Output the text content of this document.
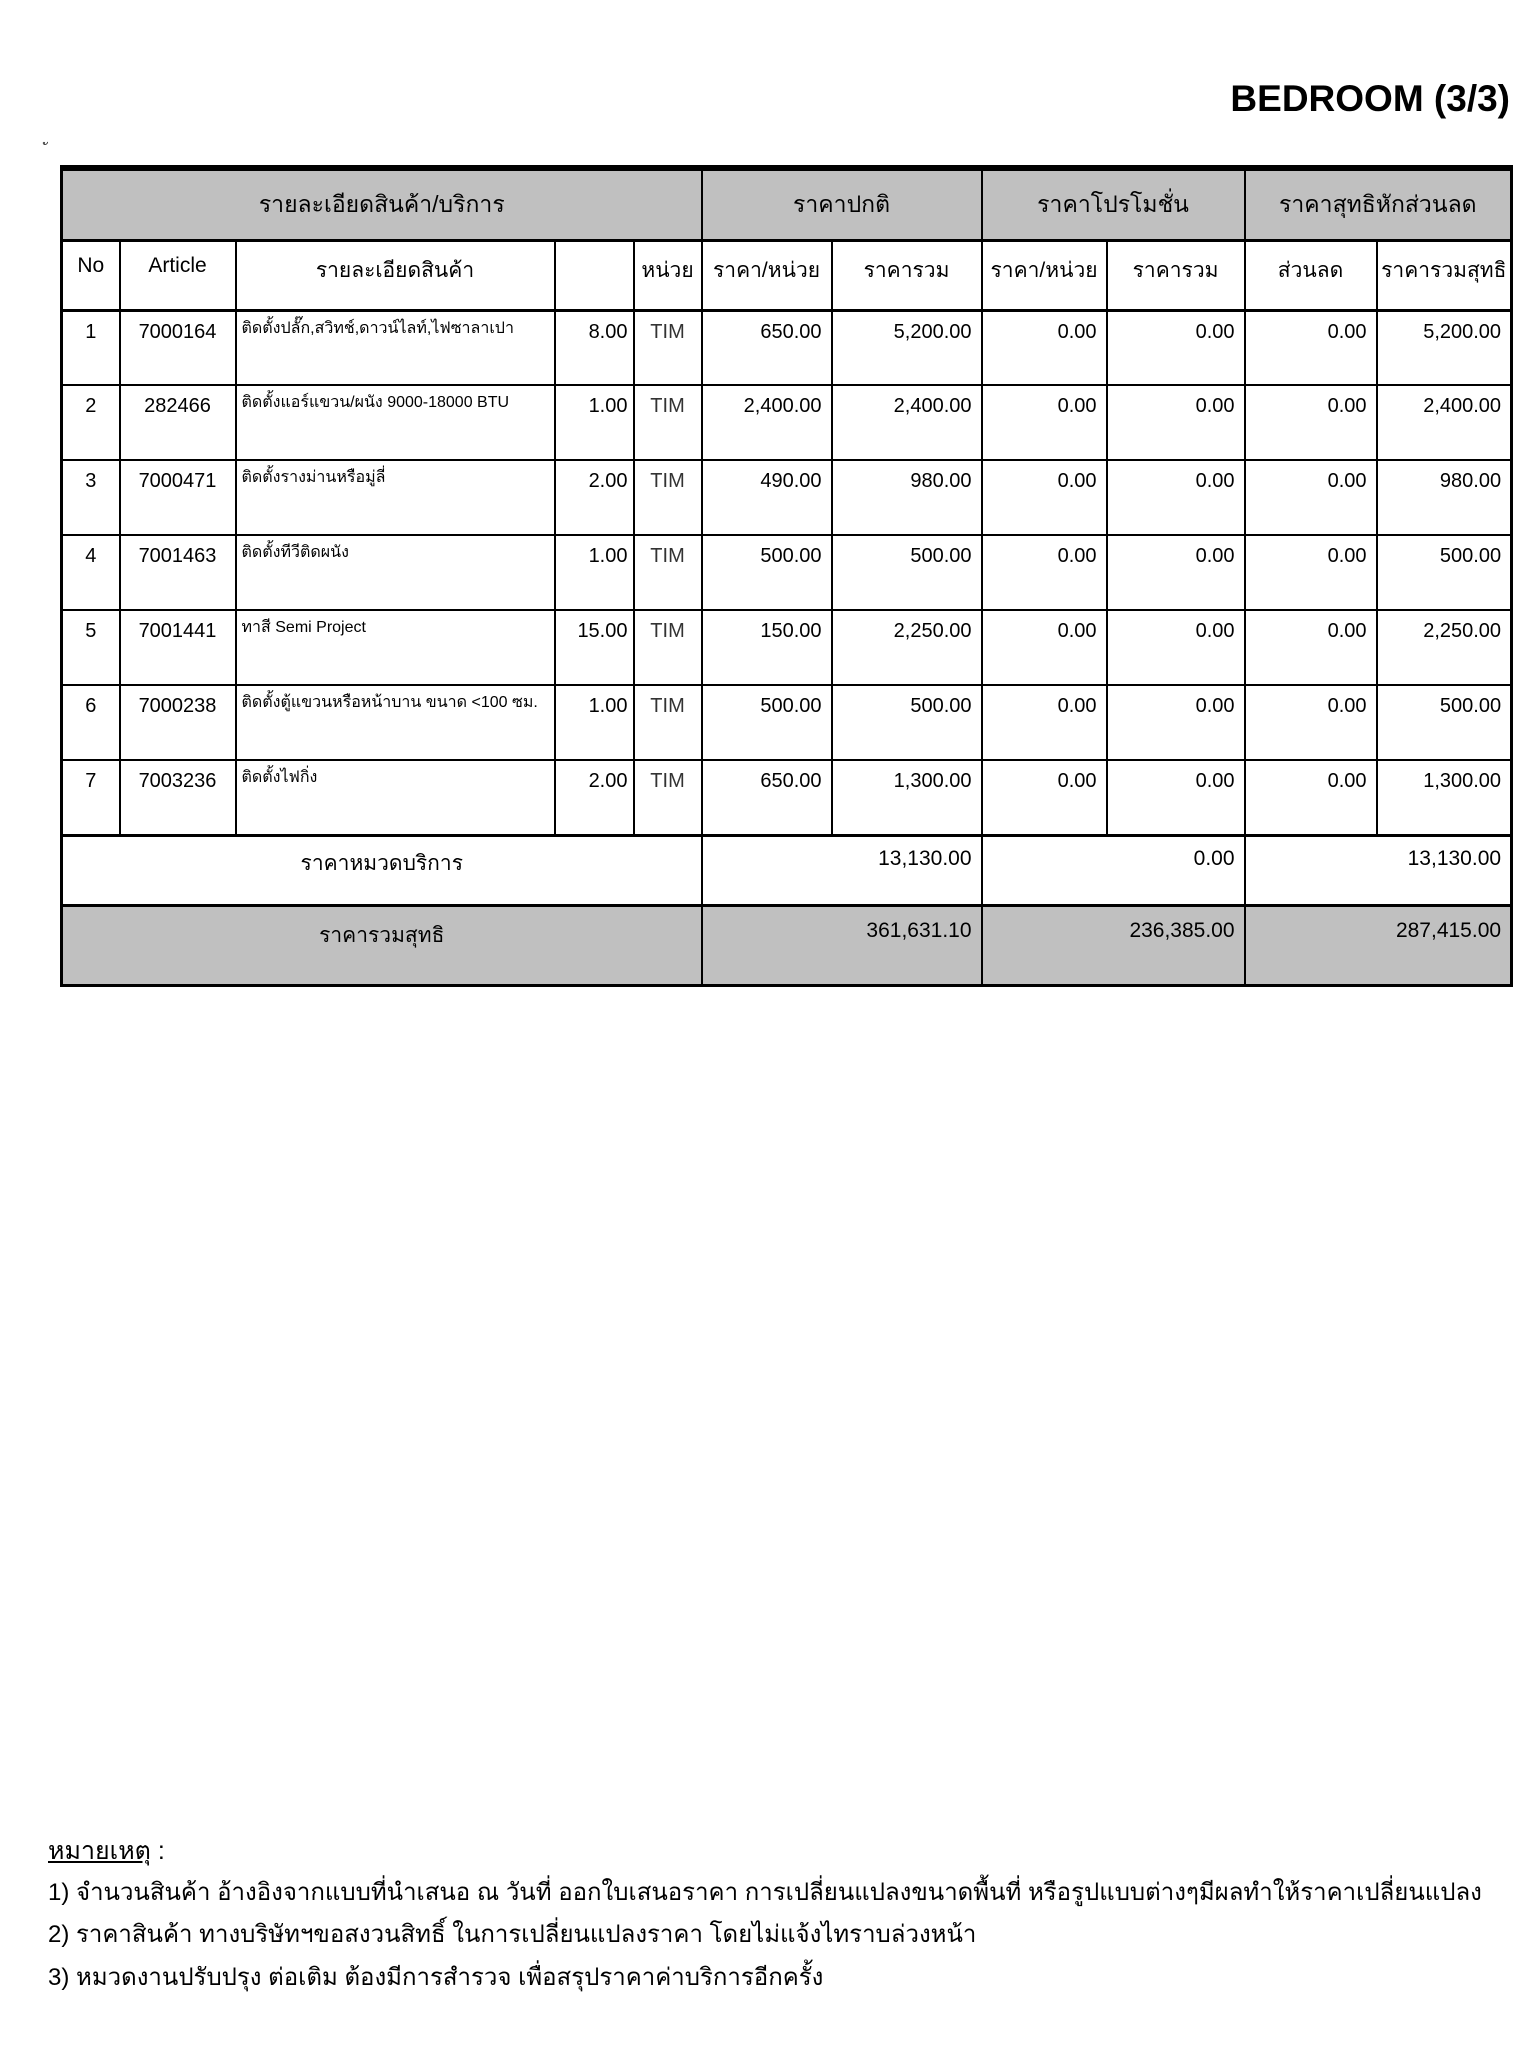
BEDROOM (3/3)
รายละเอียดสินค้า/บริการ					ราคาปกติ		ราคาโปรโมชั่น		ราคาสุทธิหักส่วนลด	
No	Article	รายละเอียดสินค้า		หน่วย	ราคา/หน่วย	ราคารวม	ราคา/หน่วย	ราคารวม	ส่วนลด	ราคารวมสุทธิ
1	7000164	ติดตั้งปลั๊ก,สวิทช์,ดาวน์ไลท์,ไฟซาลาเปา	8.00	TIM	650.00	5,200.00	0.00	0.00	0.00	5,200.00
2	282466	ติดตั้งแอร์แขวน/ผนัง 9000-18000 BTU	1.00	TIM	2,400.00	2,400.00	0.00	0.00	0.00	2,400.00
3	7000471	ติดตั้งรางม่านหรือมู่ลี่	2.00	TIM	490.00	980.00	0.00	0.00	0.00	980.00
4	7001463	ติดตั้งทีวีติดผนัง	1.00	TIM	500.00	500.00	0.00	0.00	0.00	500.00
5	7001441	ทาสี Semi Project	15.00	TIM	150.00	2,250.00	0.00	0.00	0.00	2,250.00
6	7000238	ติดตั้งตู้แขวนหรือหน้าบาน ขนาด <100 ซม.	1.00	TIM	500.00	500.00	0.00	0.00	0.00	500.00
7	7003236	ติดตั้งไฟกิ่ง	2.00	TIM	650.00	1,300.00	0.00	0.00	0.00	1,300.00
ราคาหมวดบริการ					13,130.00		0.00		13,130.00	
ราคารวมสุทธิ					361,631.10		236,385.00		287,415.00	
หมายเหตุ :
1) จำนวนสินค้า อ้างอิงจากแบบที่นำเสนอ ณ วันที่ ออกใบเสนอราคา การเปลี่ยนแปลงขนาดพื้นที่ หรือรูปแบบต่างๆมีผลทำให้ราคาเปลี่ยนแปลง
2) ราคาสินค้า ทางบริษัทฯขอสงวนสิทธิ์ ในการเปลี่ยนแปลงราคา โดยไม่แจ้งไทราบล่วงหน้า
3) หมวดงานปรับปรุง ต่อเติม ต้องมีการสำรวจ เพื่อสรุปราคาค่าบริการอีกครั้ง
